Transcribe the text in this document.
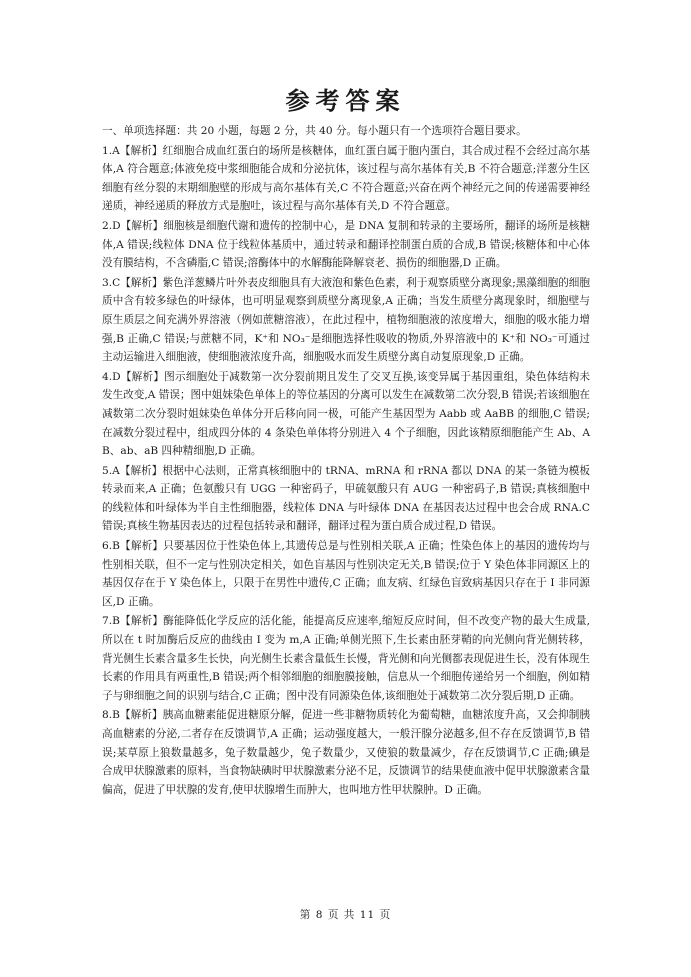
参考答案

一、单项选择题：共 20 小题，每题 2 分，共 40 分。每小题只有一个选项符合题目要求。

1.A【解析】红细胞合成血红蛋白的场所是核糖体，血红蛋白属于胞内蛋白，其合成过程不会经过高尔基体,A 符合题意;体液免疫中浆细胞能合成和分泌抗体，该过程与高尔基体有关,B 不符合题意;洋葱分生区细胞有丝分裂的末期细胞壁的形成与高尔基体有关,C 不符合题意;兴奋在两个神经元之间的传递需要神经递质，神经递质的释放方式是胞吐，该过程与高尔基体有关,D 不符合题意。

2.D【解析】细胞核是细胞代谢和遗传的控制中心，是 DNA 复制和转录的主要场所，翻译的场所是核糖体,A 错误;线粒体 DNA 位于线粒体基质中，通过转录和翻译控制蛋白质的合成,B 错误;核糖体和中心体没有膜结构，不含磷脂,C 错误;溶酶体中的水解酶能降解衰老、损伤的细胞器,D 正确。

3.C【解析】紫色洋葱鳞片叶外表皮细胞具有大液泡和紫色色素，利于观察质壁分离现象;黑藻细胞的细胞质中含有较多绿色的叶绿体，也可明显观察到质壁分离现象,A 正确；当发生质壁分离现象时，细胞壁与原生质层之间充满外界溶液（例如蔗糖溶液），在此过程中，植物细胞液的浓度增大，细胞的吸水能力增强,B 正确,C 错误;与蔗糖不同，K⁺和 NO₃⁻是细胞选择性吸收的物质,外界溶液中的 K⁺和 NO₃⁻可通过主动运输进入细胞液，使细胞液浓度升高，细胞吸水而发生质壁分离自动复原现象,D 正确。

4.D【解析】图示细胞处于减数第一次分裂前期且发生了交叉互换,该变异属于基因重组，染色体结构未发生改变,A 错误；图中姐妹染色单体上的等位基因的分离可以发生在减数第二次分裂,B 错误;若该细胞在减数第二次分裂时姐妹染色单体分开后移向同一极，可能产生基因型为 Aabb 或 AaBB 的细胞,C 错误;在减数分裂过程中，组成四分体的 4 条染色单体将分别进入 4 个子细胞，因此该精原细胞能产生 Ab、AB、ab、aB 四种精细胞,D 正确。

5.A【解析】根据中心法则，正常真核细胞中的 tRNA、mRNA 和 rRNA 都以 DNA 的某一条链为模板转录而来,A 正确；色氨酸只有 UGG 一种密码子，甲硫氨酸只有 AUG 一种密码子,B 错误;真核细胞中的线粒体和叶绿体为半自主性细胞器，线粒体 DNA 与叶绿体 DNA 在基因表达过程中也会合成 RNA.C 错误;真核生物基因表达的过程包括转录和翻译，翻译过程为蛋白质合成过程,D 错误。

6.B【解析】只要基因位于性染色体上,其遗传总是与性别相关联,A 正确；性染色体上的基因的遗传均与性别相关联，但不一定与性别决定相关，如色盲基因与性别决定无关,B 错误;位于 Y 染色体非同源区上的基因仅存在于 Y 染色体上，只限于在男性中遗传,C 正确；血友病、红绿色盲致病基因只存在于 I 非同源区,D 正确。

7.B【解析】酶能降低化学反应的活化能，能提高反应速率,缩短反应时间，但不改变产物的最大生成量,所以在 t 时加酶后反应的曲线由 I 变为 m,A 正确;单侧光照下,生长素由胚芽鞘的向光侧向背光侧转移，背光侧生长素含量多生长快，向光侧生长素含量低生长慢，背光侧和向光侧都表现促进生长，没有体现生长素的作用具有两重性,B 错误;两个相邻细胞的细胞膜接触，信息从一个细胞传递给另一个细胞，例如精子与卵细胞之间的识别与结合,C 正确；图中没有同源染色体,该细胞处于减数第二次分裂后期,D 正确。

8.B【解析】胰高血糖素能促进糖原分解，促进一些非糖物质转化为葡萄糖，血糖浓度升高，又会抑制胰高血糖素的分泌,二者存在反馈调节,A 正确；运动强度越大，一般汗腺分泌越多,但不存在反馈调节,B 错误;某草原上狼数量越多，兔子数量越少，兔子数量少，又使狼的数量减少，存在反馈调节,C 正确;碘是合成甲状腺激素的原料，当食物缺碘时甲状腺激素分泌不足，反馈调节的结果使血液中促甲状腺激素含量偏高，促进了甲状腺的发育,使甲状腺增生而肿大，也叫地方性甲状腺肿。D 正确。

第 8 页 共 11 页
